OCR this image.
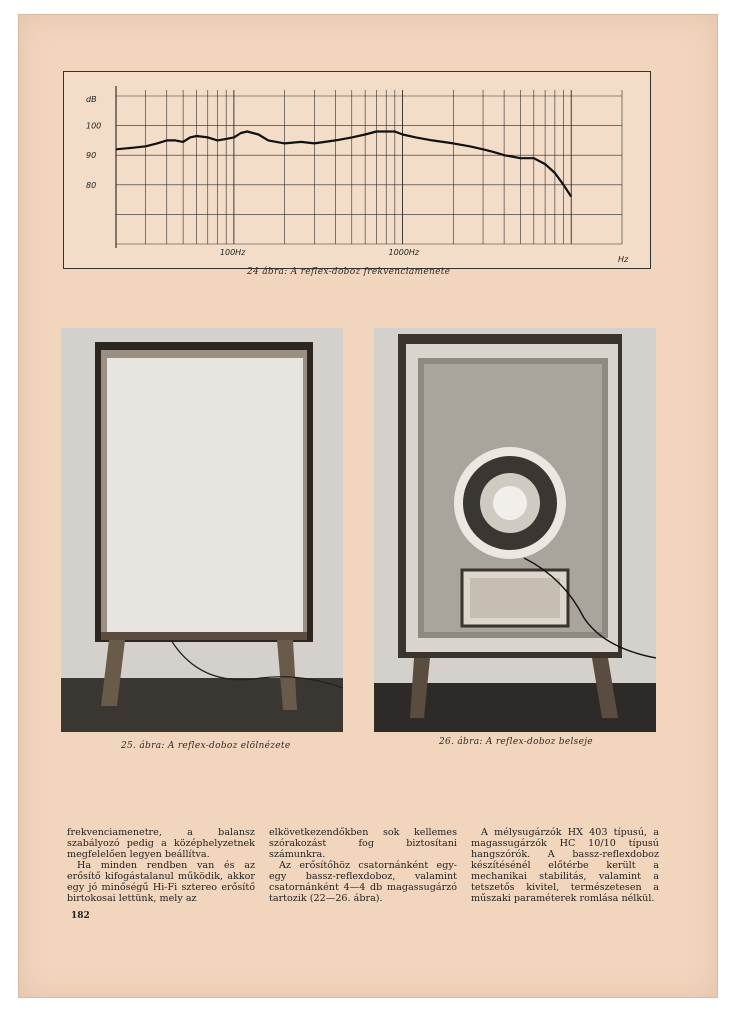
dB
Hz
100
90
80
100Hz	1000Hz
24 ábra: A reflex-doboz frekvenciamenete
25. ábra: A reflex-doboz elölnézete	26. ábra: A reflex-doboz belseje

frekvenciamenetre, a balansz szabályozó pedig a középhelyzetnek megfelelően legyen beállítva.

Ha minden rendben van és az erősítő kifogástalanul működik, akkor egy jó minőségű Hi-Fi sztereo erősítő birtokosai lettünk, mely az

elkövetkezendőkben sok kellemes szórakozást fog biztosítani számunkra.

Az erősítőhöz csatornánként egy-egy bassz-reflexdoboz, valamint csatornánként 4—4 db magassugárzó tartozik (22—26. ábra).

A mélysugárzók HX 403 típusú, a magassugárzók HC 10/10 típusú hangszórók. A bassz-reflexdoboz készítésénél előtérbe került a mechanikai stabilitás, valamint a tetszetős kivitel, természetesen a műszaki paraméterek romlása nélkül.

182
